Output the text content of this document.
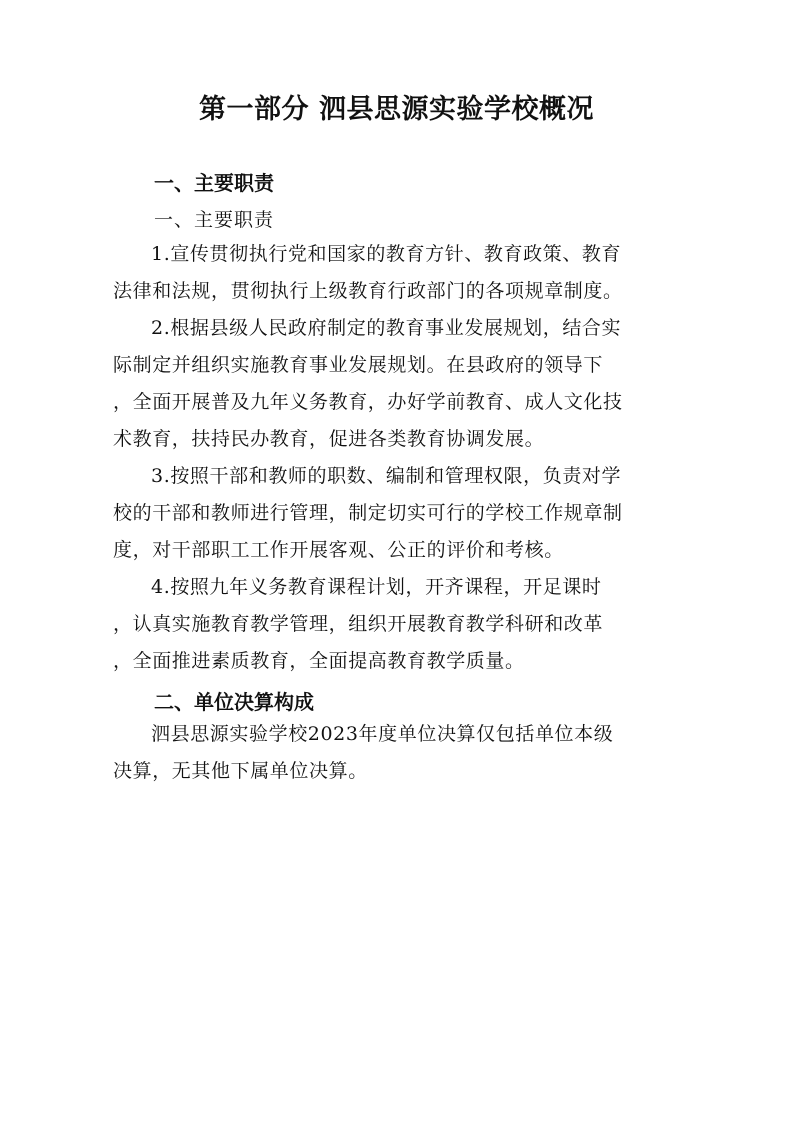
第一部分 泗县思源实验学校概况
一、主要职责
一、主要职责
1.宣传贯彻执行党和国家的教育方针、教育政策、教育
法律和法规，贯彻执行上级教育行政部门的各项规章制度。
2.根据县级人民政府制定的教育事业发展规划，结合实
际制定并组织实施教育事业发展规划。在县政府的领导下
，全面开展普及九年义务教育，办好学前教育、成人文化技
术教育，扶持民办教育，促进各类教育协调发展。
3.按照干部和教师的职数、编制和管理权限，负责对学
校的干部和教师进行管理，制定切实可行的学校工作规章制
度，对干部职工工作开展客观、公正的评价和考核。
4.按照九年义务教育课程计划，开齐课程，开足课时
，认真实施教育教学管理，组织开展教育教学科研和改革
，全面推进素质教育，全面提高教育教学质量。
二、单位决算构成
泗县思源实验学校2023年度单位决算仅包括单位本级
决算，无其他下属单位决算。
